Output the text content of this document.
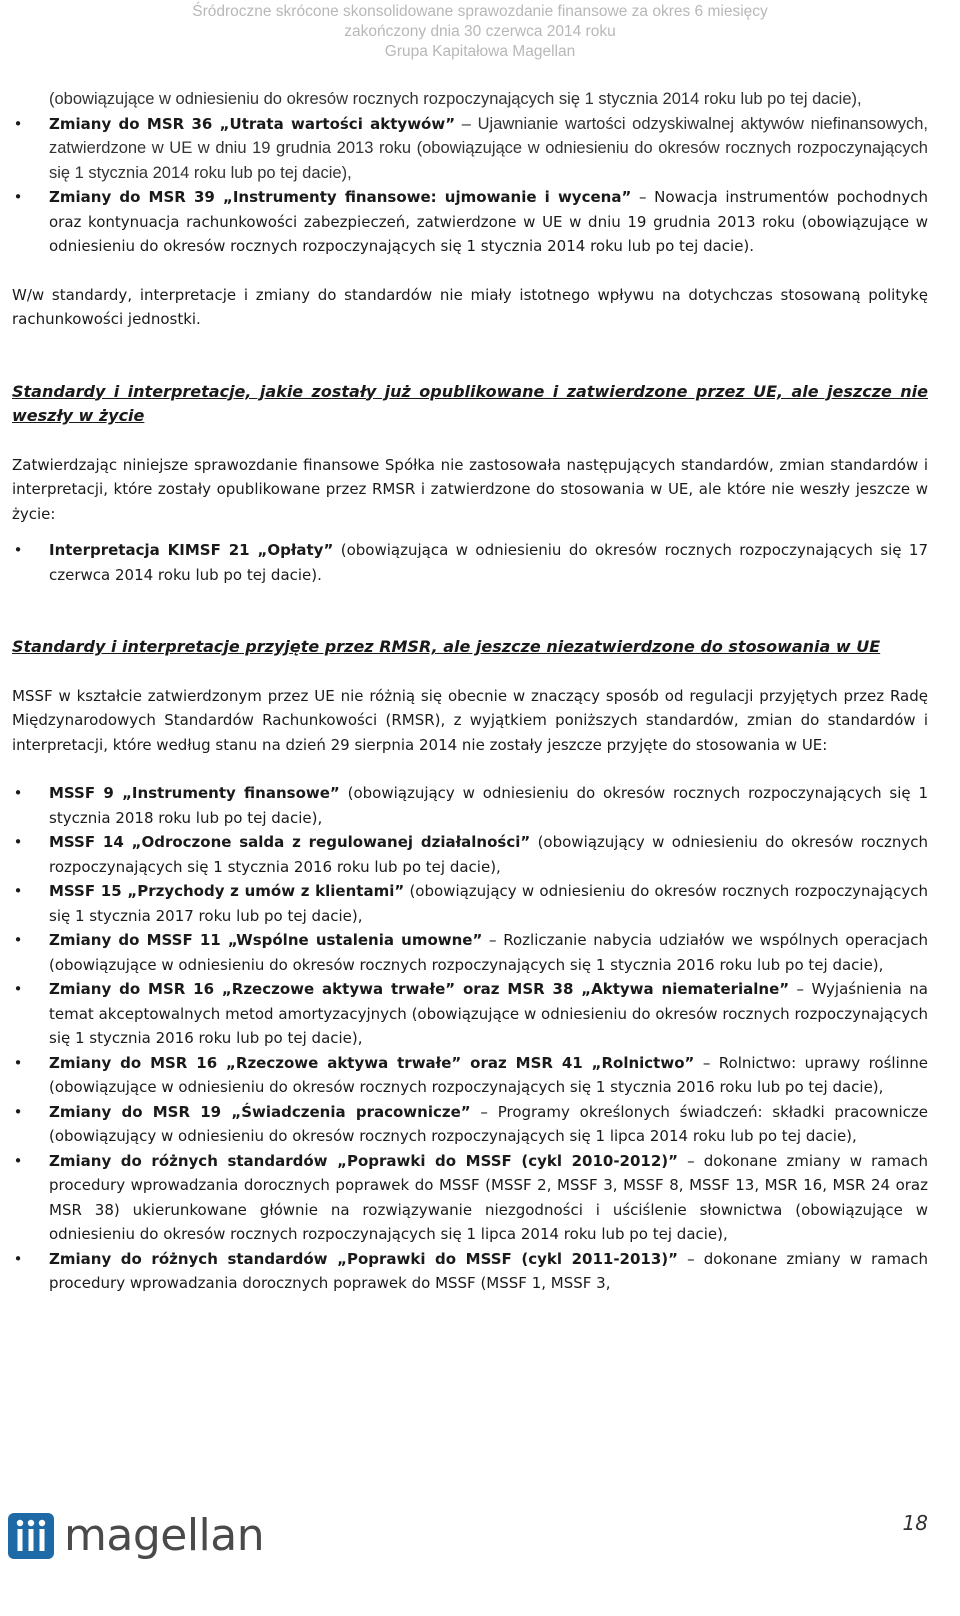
Śródroczne skrócone skonsolidowane sprawozdanie finansowe za okres 6 miesięcy
zakończony dnia 30 czerwca 2014 roku
Grupa Kapitałowa Magellan
(obowiązujące w odniesieniu do okresów rocznych rozpoczynających się 1 stycznia 2014 roku lub po tej dacie),
• Zmiany do MSR 36 „Utrata wartości aktywów” – Ujawnianie wartości odzyskiwalnej aktywów niefinansowych, zatwierdzone w UE w dniu 19 grudnia 2013 roku (obowiązujące w odniesieniu do okresów rocznych rozpoczynających się 1 stycznia 2014 roku lub po tej dacie),
• Zmiany do MSR 39 „Instrumenty finansowe: ujmowanie i wycena” – Nowacja instrumentów pochodnych oraz kontynuacja rachunkowości zabezpieczeń, zatwierdzone w UE w dniu 19 grudnia 2013 roku (obowiązujące w odniesieniu do okresów rocznych rozpoczynających się 1 stycznia 2014 roku lub po tej dacie).
W/w standardy, interpretacje i zmiany do standardów nie miały istotnego wpływu na dotychczas stosowaną politykę rachunkowości jednostki.
Standardy i interpretacje, jakie zostały już opublikowane i zatwierdzone przez UE, ale jeszcze nie weszły w życie
Zatwierdzając niniejsze sprawozdanie finansowe Spółka nie zastosowała następujących standardów, zmian standardów i interpretacji, które zostały opublikowane przez RMSR i zatwierdzone do stosowania w UE, ale które nie weszły jeszcze w życie:
• Interpretacja KIMSF 21 „Opłaty” (obowiązująca w odniesieniu do okresów rocznych rozpoczynających się 17 czerwca 2014 roku lub po tej dacie).
Standardy i interpretacje przyjęte przez RMSR, ale jeszcze niezatwierdzone do stosowania w UE
MSSF w kształcie zatwierdzonym przez UE nie różnią się obecnie w znaczący sposób od regulacji przyjętych przez Radę Międzynarodowych Standardów Rachunkowości (RMSR), z wyjątkiem poniższych standardów, zmian do standardów i interpretacji, które według stanu na dzień 29 sierpnia 2014 nie zostały jeszcze przyjęte do stosowania w UE:
• MSSF 9 „Instrumenty finansowe” (obowiązujący w odniesieniu do okresów rocznych rozpoczynających się 1 stycznia 2018 roku lub po tej dacie),
• MSSF 14 „Odroczone salda z regulowanej działalności” (obowiązujący w odniesieniu do okresów rocznych rozpoczynających się 1 stycznia 2016 roku lub po tej dacie),
• MSSF 15 „Przychody z umów z klientami” (obowiązujący w odniesieniu do okresów rocznych rozpoczynających się 1 stycznia 2017 roku lub po tej dacie),
• Zmiany do MSSF 11 „Wspólne ustalenia umowne” – Rozliczanie nabycia udziałów we wspólnych operacjach (obowiązujące w odniesieniu do okresów rocznych rozpoczynających się 1 stycznia 2016 roku lub po tej dacie),
• Zmiany do MSR 16 „Rzeczowe aktywa trwałe” oraz MSR 38 „Aktywa niematerialne” – Wyjaśnienia na temat akceptowalnych metod amortyzacyjnych (obowiązujące w odniesieniu do okresów rocznych rozpoczynających się 1 stycznia 2016 roku lub po tej dacie),
• Zmiany do MSR 16 „Rzeczowe aktywa trwałe” oraz MSR 41 „Rolnictwo” – Rolnictwo: uprawy roślinne (obowiązujące w odniesieniu do okresów rocznych rozpoczynających się 1 stycznia 2016 roku lub po tej dacie),
• Zmiany do MSR 19 „Świadczenia pracownicze” – Programy określonych świadczeń: składki pracownicze (obowiązujący w odniesieniu do okresów rocznych rozpoczynających się 1 lipca 2014 roku lub po tej dacie),
• Zmiany do różnych standardów „Poprawki do MSSF (cykl 2010-2012)” – dokonane zmiany w ramach procedury wprowadzania dorocznych poprawek do MSSF (MSSF 2, MSSF 3, MSSF 8, MSSF 13, MSR 16, MSR 24 oraz MSR 38) ukierunkowane głównie na rozwiązywanie niezgodności i uściślenie słownictwa (obowiązujące w odniesieniu do okresów rocznych rozpoczynających się 1 lipca 2014 roku lub po tej dacie),
• Zmiany do różnych standardów „Poprawki do MSSF (cykl 2011-2013)” – dokonane zmiany w ramach procedury wprowadzania dorocznych poprawek do MSSF (MSSF 1, MSSF 3,
magellan	18
